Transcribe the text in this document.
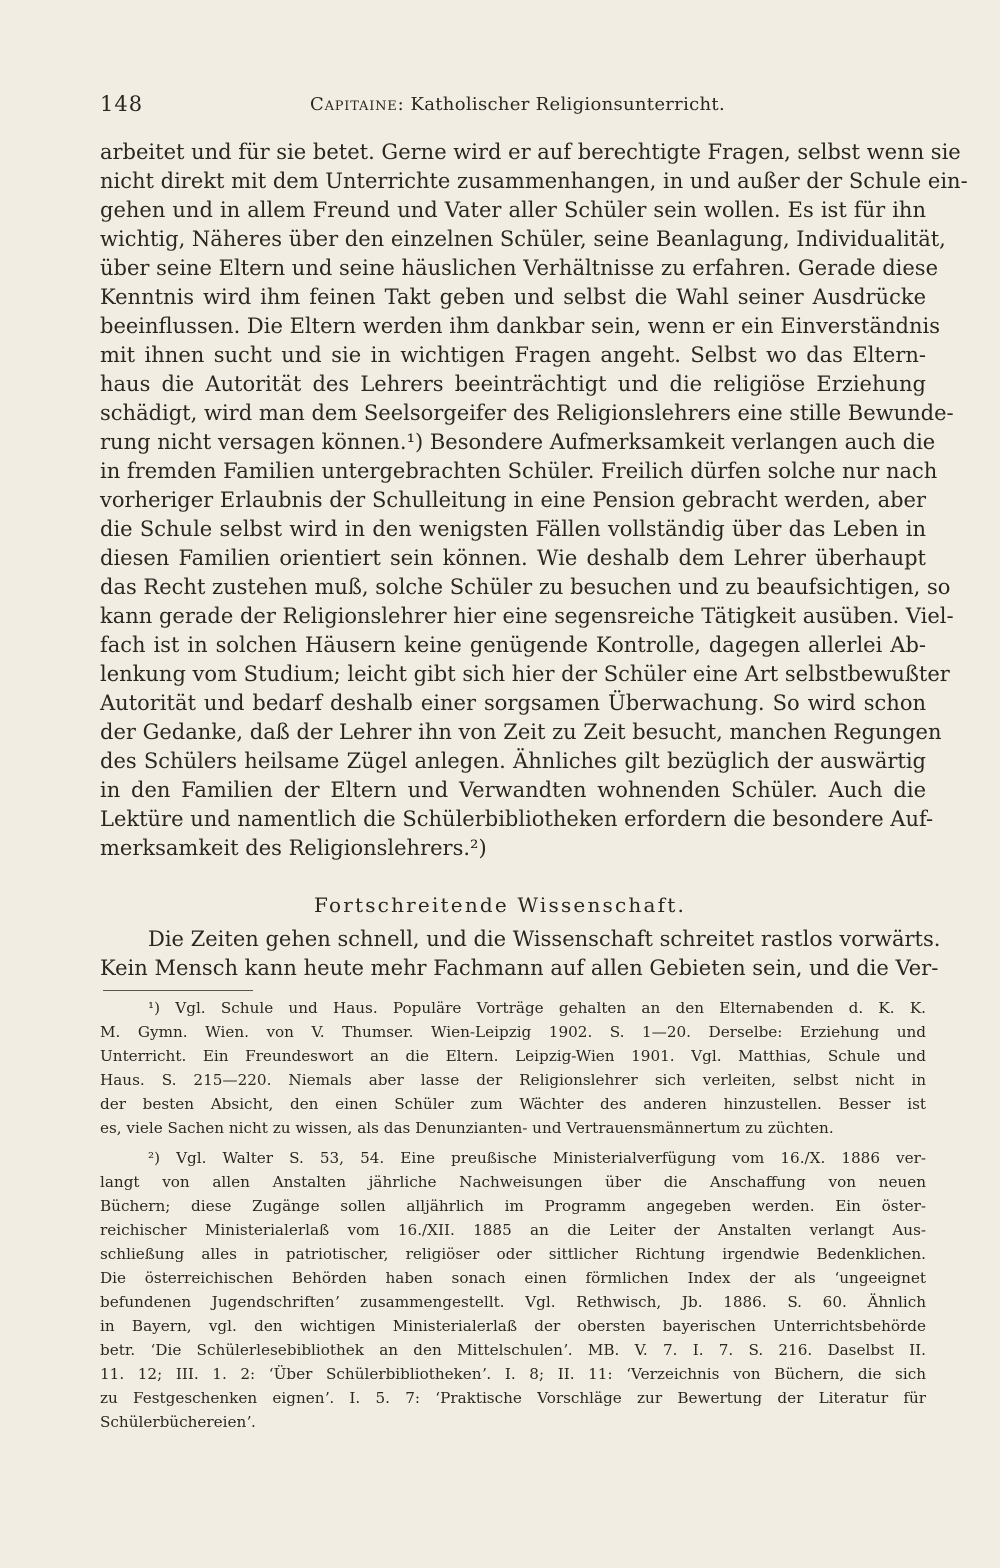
148	Capitaine: Katholischer Religionsunterricht.
arbeitet und für sie betet. Gerne wird er auf berechtigte Fragen, selbst wenn sie
nicht direkt mit dem Unterrichte zusammenhangen, in und außer der Schule ein-
gehen und in allem Freund und Vater aller Schüler sein wollen. Es ist für ihn
wichtig, Näheres über den einzelnen Schüler, seine Beanlagung, Individualität,
über seine Eltern und seine häuslichen Verhältnisse zu erfahren. Gerade diese
Kenntnis wird ihm feinen Takt geben und selbst die Wahl seiner Ausdrücke
beeinflussen. Die Eltern werden ihm dankbar sein, wenn er ein Einverständnis
mit ihnen sucht und sie in wichtigen Fragen angeht. Selbst wo das Eltern-
haus die Autorität des Lehrers beeinträchtigt und die religiöse Erziehung
schädigt, wird man dem Seelsorgeifer des Religionslehrers eine stille Bewunde-
rung nicht versagen können.¹) Besondere Aufmerksamkeit verlangen auch die
in fremden Familien untergebrachten Schüler. Freilich dürfen solche nur nach
vorheriger Erlaubnis der Schulleitung in eine Pension gebracht werden, aber
die Schule selbst wird in den wenigsten Fällen vollständig über das Leben in
diesen Familien orientiert sein können. Wie deshalb dem Lehrer überhaupt
das Recht zustehen muß, solche Schüler zu besuchen und zu beaufsichtigen, so
kann gerade der Religionslehrer hier eine segensreiche Tätigkeit ausüben. Viel-
fach ist in solchen Häusern keine genügende Kontrolle, dagegen allerlei Ab-
lenkung vom Studium; leicht gibt sich hier der Schüler eine Art selbstbewußter
Autorität und bedarf deshalb einer sorgsamen Überwachung. So wird schon
der Gedanke, daß der Lehrer ihn von Zeit zu Zeit besucht, manchen Regungen
des Schülers heilsame Zügel anlegen. Ähnliches gilt bezüglich der auswärtig
in den Familien der Eltern und Verwandten wohnenden Schüler. Auch die
Lektüre und namentlich die Schülerbibliotheken erfordern die besondere Auf-
merksamkeit des Religionslehrers.²)
Fortschreitende Wissenschaft.
Die Zeiten gehen schnell, und die Wissenschaft schreitet rastlos vorwärts.
Kein Mensch kann heute mehr Fachmann auf allen Gebieten sein, und die Ver-
¹) Vgl. Schule und Haus. Populäre Vorträge gehalten an den Elternabenden d. K. K.
M. Gymn. Wien. von V. Thumser. Wien-Leipzig 1902. S. 1—20. Derselbe: Erziehung und
Unterricht. Ein Freundeswort an die Eltern. Leipzig-Wien 1901. Vgl. Matthias, Schule und
Haus. S. 215—220. Niemals aber lasse der Religionslehrer sich verleiten, selbst nicht in
der besten Absicht, den einen Schüler zum Wächter des anderen hinzustellen. Besser ist
es, viele Sachen nicht zu wissen, als das Denunzianten- und Vertrauensmännertum zu züchten.
²) Vgl. Walter S. 53, 54. Eine preußische Ministerialverfügung vom 16./X. 1886 ver-
langt von allen Anstalten jährliche Nachweisungen über die Anschaffung von neuen
Büchern; diese Zugänge sollen alljährlich im Programm angegeben werden. Ein öster-
reichischer Ministerialerlaß vom 16./XII. 1885 an die Leiter der Anstalten verlangt Aus-
schließung alles in patriotischer, religiöser oder sittlicher Richtung irgendwie Bedenklichen.
Die österreichischen Behörden haben sonach einen förmlichen Index der als ʻungeeignet
befundenen Jugendschriftenʼ zusammengestellt. Vgl. Rethwisch, Jb. 1886. S. 60. Ähnlich
in Bayern, vgl. den wichtigen Ministerialerlaß der obersten bayerischen Unterrichtsbehörde
betr. ʻDie Schülerlesebibliothek an den Mittelschulenʼ. MB. V. 7. I. 7. S. 216. Daselbst II.
11. 12; III. 1. 2: ʻÜber Schülerbibliothekenʼ. I. 8; II. 11: ʻVerzeichnis von Büchern, die sich
zu Festgeschenken eignenʼ. I. 5. 7: ʻPraktische Vorschläge zur Bewertung der Literatur für
Schülerbüchereienʼ.
